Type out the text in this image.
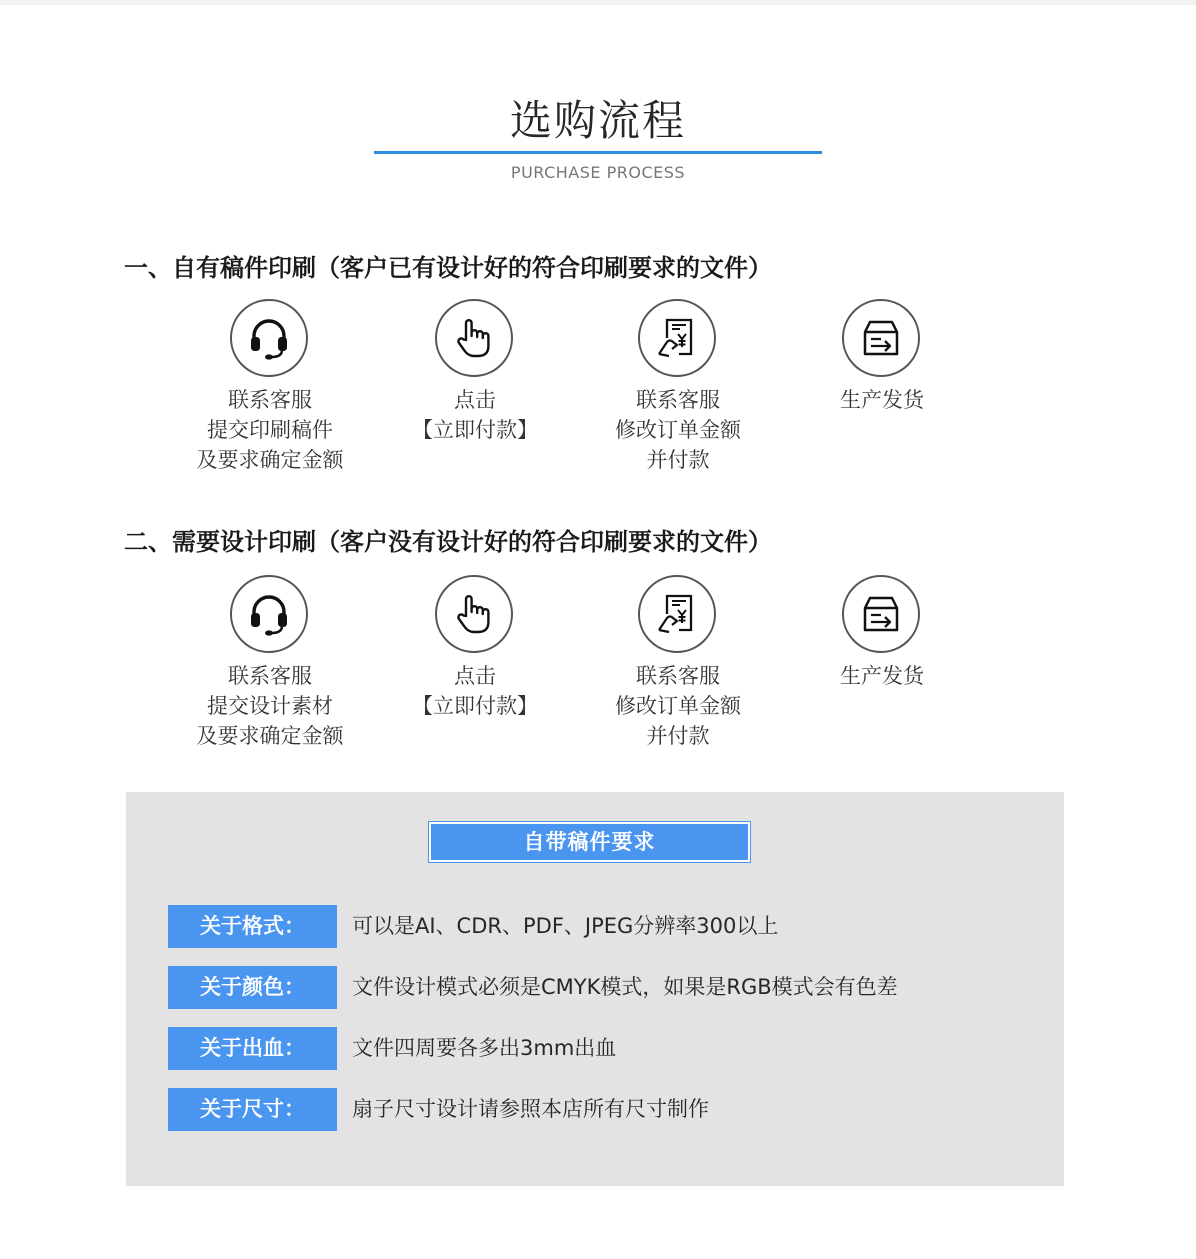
选购流程
PURCHASE PROCESS
一、自有稿件印刷（客户已有设计好的符合印刷要求的文件）
联系客服
提交印刷稿件
及要求确定金额
点击
【立即付款】
联系客服
修改订单金额
并付款
生产发货
二、需要设计印刷（客户没有设计好的符合印刷要求的文件）
联系客服
提交设计素材
及要求确定金额
点击
【立即付款】
联系客服
修改订单金额
并付款
生产发货
自带稿件要求
关于格式：	可以是AI、CDR、PDF、JPEG分辨率300以上
关于颜色：	文件设计模式必须是CMYK模式，如果是RGB模式会有色差
关于出血：	文件四周要各多出3mm出血
关于尺寸：	扇子尺寸设计请参照本店所有尺寸制作
